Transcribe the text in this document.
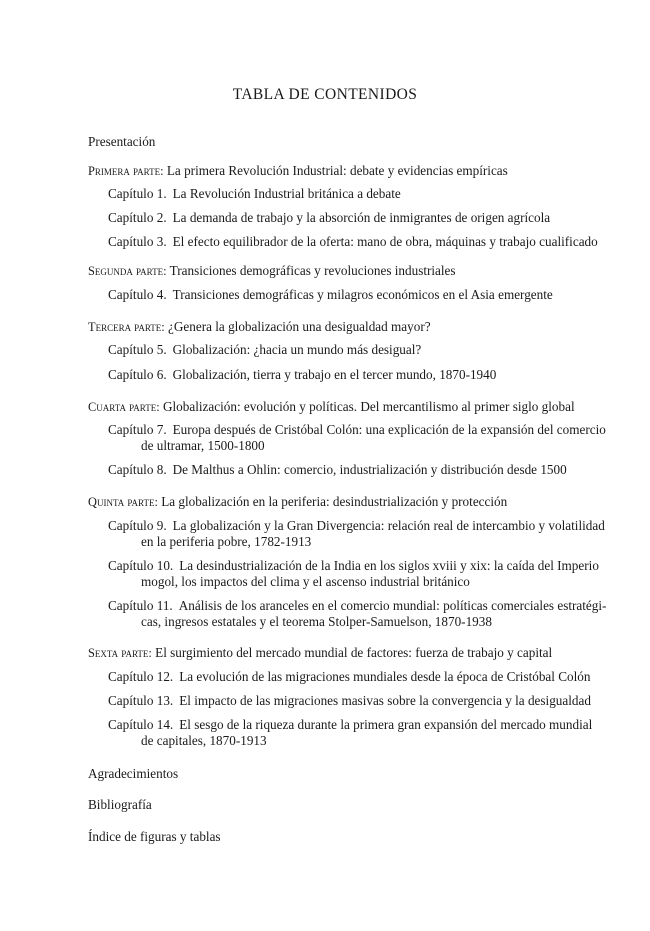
TABLA DE CONTENIDOS
Presentación
Primera parte: La primera Revolución Industrial: debate y evidencias empíricas
Capítulo 1. La Revolución Industrial británica a debate
Capítulo 2. La demanda de trabajo y la absorción de inmigrantes de origen agrícola
Capítulo 3. El efecto equilibrador de la oferta: mano de obra, máquinas y trabajo cualificado
Segunda parte: Transiciones demográficas y revoluciones industriales
Capítulo 4. Transiciones demográficas y milagros económicos en el Asia emergente
Tercera parte: ¿Genera la globalización una desigualdad mayor?
Capítulo 5. Globalización: ¿hacia un mundo más desigual?
Capítulo 6. Globalización, tierra y trabajo en el tercer mundo, 1870-1940
Cuarta parte: Globalización: evolución y políticas. Del mercantilismo al primer siglo global
Capítulo 7. Europa después de Cristóbal Colón: una explicación de la expansión del comercio
de ultramar, 1500-1800
Capítulo 8. De Malthus a Ohlin: comercio, industrialización y distribución desde 1500
Quinta parte: La globalización en la periferia: desindustrialización y protección
Capítulo 9. La globalización y la Gran Divergencia: relación real de intercambio y volatilidad
en la periferia pobre, 1782-1913
Capítulo 10. La desindustrialización de la India en los siglos xviii y xix: la caída del Imperio
mogol, los impactos del clima y el ascenso industrial británico
Capítulo 11. Análisis de los aranceles en el comercio mundial: políticas comerciales estratégi-
cas, ingresos estatales y el teorema Stolper-Samuelson, 1870-1938
Sexta parte: El surgimiento del mercado mundial de factores: fuerza de trabajo y capital
Capítulo 12. La evolución de las migraciones mundiales desde la época de Cristóbal Colón
Capítulo 13. El impacto de las migraciones masivas sobre la convergencia y la desigualdad
Capítulo 14. El sesgo de la riqueza durante la primera gran expansión del mercado mundial
de capitales, 1870-1913
Agradecimientos
Bibliografía
Índice de figuras y tablas
